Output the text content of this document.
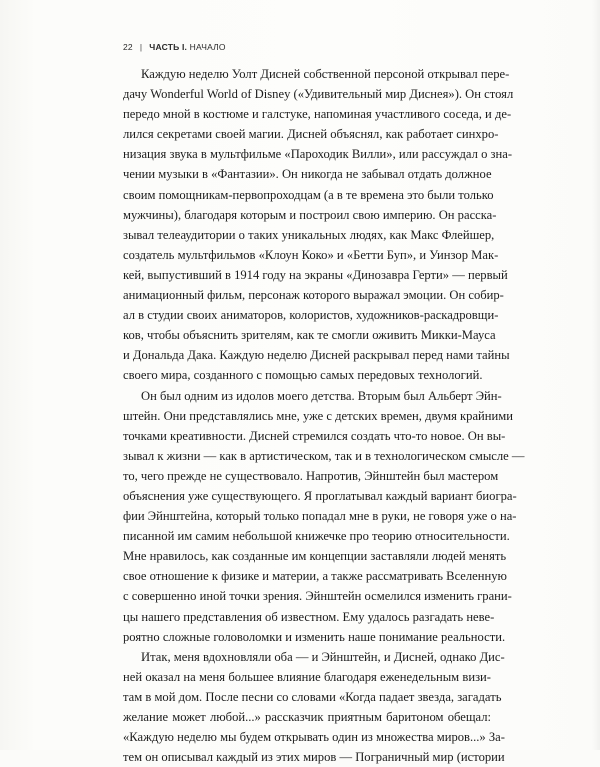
22 | ЧАСТЬ I. НАЧАЛО
Каждую неделю Уолт Дисней собственной персоной открывал пере-
дачу Wonderful World of Disney («Удивительный мир Диснея»). Он стоял
передо мной в костюме и галстуке, напоминая участливого соседа, и де-
лился секретами своей магии. Дисней объяснял, как работает синхро-
низация звука в мультфильме «Пароходик Вилли», или рассуждал о зна-
чении музыки в «Фантазии». Он никогда не забывал отдать должное
своим помощникам-первопроходцам (а в те времена это были только
мужчины), благодаря которым и построил свою империю. Он расска-
зывал телеаудитории о таких уникальных людях, как Макс Флейшер,
создатель мультфильмов «Клоун Коко» и «Бетти Буп», и Уинзор Мак-
кей, выпустивший в 1914 году на экраны «Динозавра Герти» — первый
анимационный фильм, персонаж которого выражал эмоции. Он собир-
ал в студии своих аниматоров, колористов, художников-раскадровщи-
ков, чтобы объяснить зрителям, как те смогли оживить Микки-Мауса
и Дональда Дака. Каждую неделю Дисней раскрывал перед нами тайны
своего мира, созданного с помощью самых передовых технологий.
Он был одним из идолов моего детства. Вторым был Альберт Эйн-
штейн. Они представлялись мне, уже с детских времен, двумя крайними
точками креативности. Дисней стремился создать что-то новое. Он вы-
зывал к жизни — как в артистическом, так и в технологическом смысле —
то, чего прежде не существовало. Напротив, Эйнштейн был мастером
объяснения уже существующего. Я проглатывал каждый вариант биогра-
фии Эйнштейна, который только попадал мне в руки, не говоря уже о на-
писанной им самим небольшой книжечке про теорию относительности.
Мне нравилось, как созданные им концепции заставляли людей менять
свое отношение к физике и материи, а также рассматривать Вселенную
с совершенно иной точки зрения. Эйнштейн осмелился изменить грани-
цы нашего представления об известном. Ему удалось разгадать неве-
роятно сложные головоломки и изменить наше понимание реальности.
Итак, меня вдохновляли оба — и Эйнштейн, и Дисней, однако Дис-
ней оказал на меня большее влияние благодаря еженедельным визи-
там в мой дом. После песни со словами «Когда падает звезда, загадать
желание может любой...» рассказчик приятным баритоном обещал:
«Каждую неделю мы будем открывать один из множества миров...» За-
тем он описывал каждый из этих миров — Пограничный мир (истории
